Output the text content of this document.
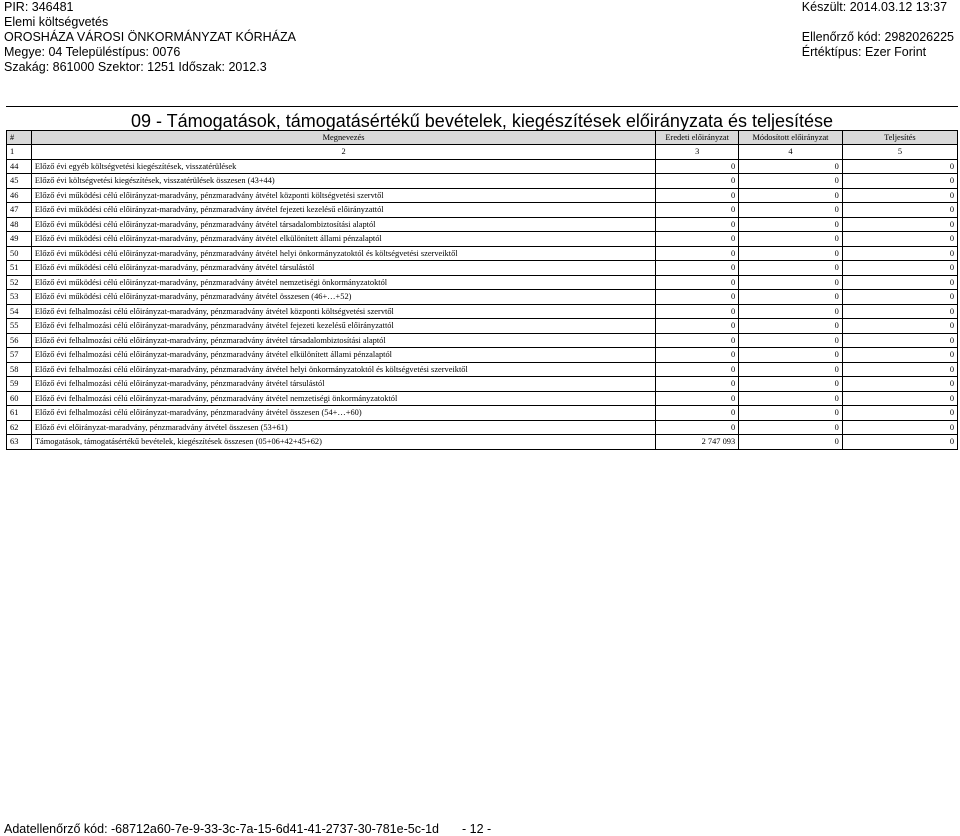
PIR: 346481
Elemi költségvetés
OROSHÁZA VÁROSI ÖNKORMÁNYZAT KÓRHÁZA
Megye: 04 Településtípus: 0076
Szakág: 861000 Szektor: 1251 Időszak: 2012.3
Készült: 2014.03.12 13:37
Ellenőrző kód: 2982026225
Értéktípus: Ezer Forint
09 - Támogatások, támogatásértékű bevételek, kiegészítések előirányzata és teljesítése
#	Megnevezés	Eredeti előirányzat	Módosított előirányzat	Teljesítés
1	2	3	4	5
44	Előző évi egyéb költségvetési kiegészítések, visszatérülések	0	0	0
45	Előző évi költségvetési kiegészítések, visszatérülések összesen (43+44)	0	0	0
46	Előző évi működési célú előirányzat-maradvány, pénzmaradvány átvétel központi költségvetési szervtől	0	0	0
47	Előző évi működési célú előirányzat-maradvány, pénzmaradvány átvétel fejezeti kezelésű előirányzattól	0	0	0
48	Előző évi működési célú előirányzat-maradvány, pénzmaradvány átvétel társadalombiztosítási alaptól	0	0	0
49	Előző évi működési célú előirányzat-maradvány, pénzmaradvány átvétel elkülönített állami pénzalaptól	0	0	0
50	Előző évi működési célú előirányzat-maradvány, pénzmaradvány átvétel helyi önkormányzatoktól és költségvetési szerveiktől	0	0	0
51	Előző évi működési célú előirányzat-maradvány, pénzmaradvány átvétel társulástól	0	0	0
52	Előző évi működési célú előirányzat-maradvány, pénzmaradvány átvétel nemzetiségi önkormányzatoktól	0	0	0
53	Előző évi működési célú előirányzat-maradvány, pénzmaradvány átvétel összesen (46+…+52)	0	0	0
54	Előző évi felhalmozási célú előirányzat-maradvány, pénzmaradvány átvétel központi költségvetési szervtől	0	0	0
55	Előző évi felhalmozási célú előirányzat-maradvány, pénzmaradvány átvétel fejezeti kezelésű előirányzattól	0	0	0
56	Előző évi felhalmozási célú előirányzat-maradvány, pénzmaradvány átvétel társadalombiztosítási alaptól	0	0	0
57	Előző évi felhalmozási célú előirányzat-maradvány, pénzmaradvány átvétel elkülönített állami pénzalaptól	0	0	0
58	Előző évi felhalmozási célú előirányzat-maradvány, pénzmaradvány átvétel helyi önkormányzatoktól és költségvetési szerveiktől	0	0	0
59	Előző évi felhalmozási célú előirányzat-maradvány, pénzmaradvány átvétel társulástól	0	0	0
60	Előző évi felhalmozási célú előirányzat-maradvány, pénzmaradvány átvétel nemzetiségi önkormányzatoktól	0	0	0
61	Előző évi felhalmozási célú előirányzat-maradvány, pénzmaradvány átvétel összesen (54+…+60)	0	0	0
62	Előző évi előirányzat-maradvány, pénzmaradvány átvétel összesen (53+61)	0	0	0
63	Támogatások, támogatásértékű bevételek, kiegészítések összesen (05+06+42+45+62)	2 747 093	0	0
Adatellenőrző kód: -68712a60-7e-9-33-3c-7a-15-6d41-41-2737-30-781e-5c-1d - 12 -
